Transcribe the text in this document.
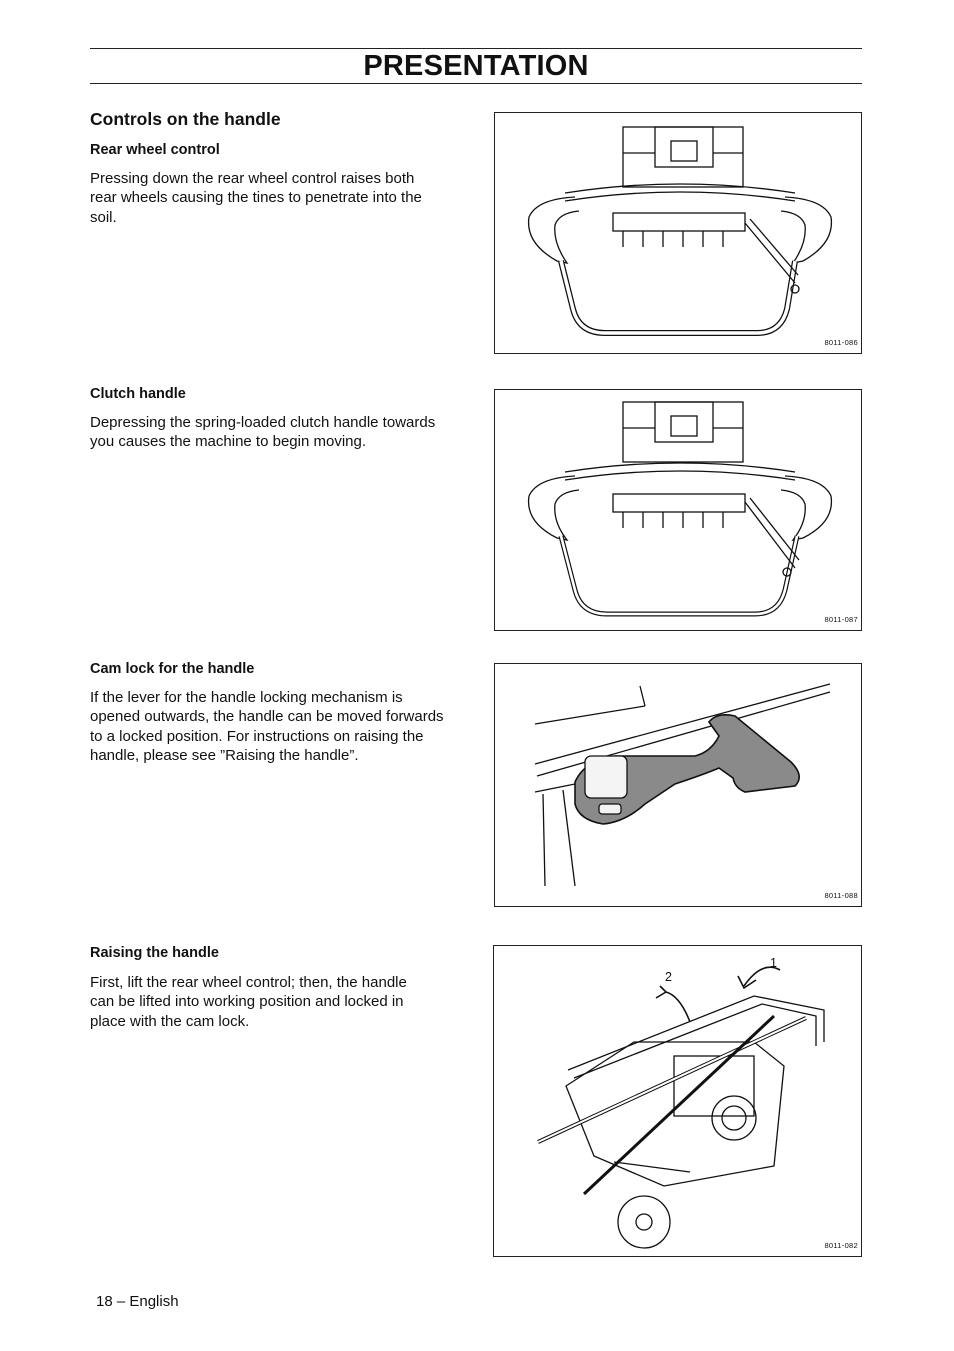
PRESENTATION
Controls on the handle
Rear wheel control
Pressing down the rear wheel control raises both
rear wheels causing the tines to penetrate into the
soil.
8011-086
Clutch handle
Depressing the spring-loaded clutch handle towards
you causes the machine to begin moving.
8011-087
Cam lock for the handle
If the lever for the handle locking mechanism is
opened outwards, the handle can be moved forwards
to a locked position. For instructions on raising the
handle, please see ”Raising the handle”.
8011-088
Raising the handle
First, lift the rear wheel control; then, the handle
can be lifted into working position and locked in
place with the cam lock.
1
2
8011-082
18 – English
